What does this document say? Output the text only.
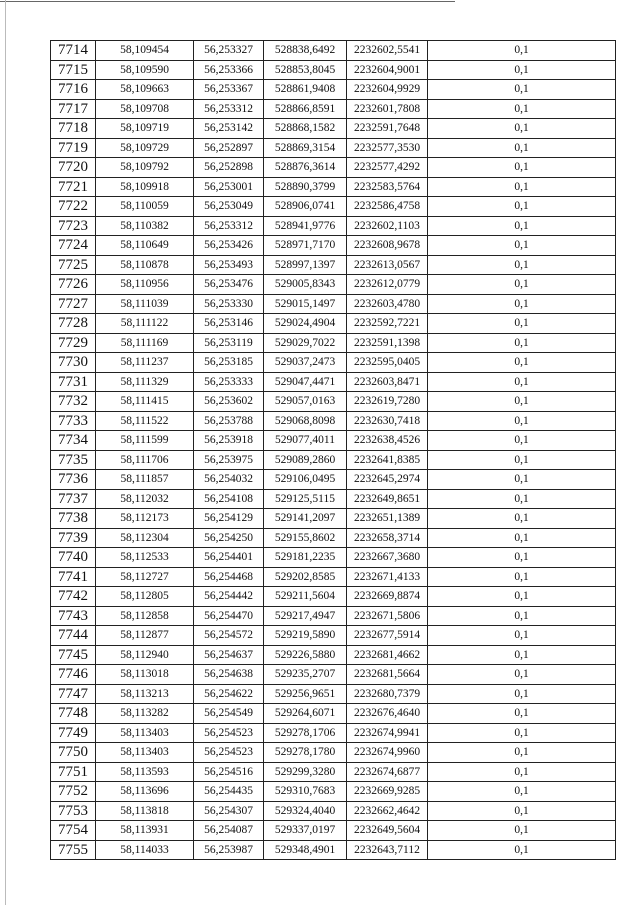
7714	58,109454	56,253327	528838,6492	2232602,5541	0,1
7715	58,109590	56,253366	528853,8045	2232604,9001	0,1
7716	58,109663	56,253367	528861,9408	2232604,9929	0,1
7717	58,109708	56,253312	528866,8591	2232601,7808	0,1
7718	58,109719	56,253142	528868,1582	2232591,7648	0,1
7719	58,109729	56,252897	528869,3154	2232577,3530	0,1
7720	58,109792	56,252898	528876,3614	2232577,4292	0,1
7721	58,109918	56,253001	528890,3799	2232583,5764	0,1
7722	58,110059	56,253049	528906,0741	2232586,4758	0,1
7723	58,110382	56,253312	528941,9776	2232602,1103	0,1
7724	58,110649	56,253426	528971,7170	2232608,9678	0,1
7725	58,110878	56,253493	528997,1397	2232613,0567	0,1
7726	58,110956	56,253476	529005,8343	2232612,0779	0,1
7727	58,111039	56,253330	529015,1497	2232603,4780	0,1
7728	58,111122	56,253146	529024,4904	2232592,7221	0,1
7729	58,111169	56,253119	529029,7022	2232591,1398	0,1
7730	58,111237	56,253185	529037,2473	2232595,0405	0,1
7731	58,111329	56,253333	529047,4471	2232603,8471	0,1
7732	58,111415	56,253602	529057,0163	2232619,7280	0,1
7733	58,111522	56,253788	529068,8098	2232630,7418	0,1
7734	58,111599	56,253918	529077,4011	2232638,4526	0,1
7735	58,111706	56,253975	529089,2860	2232641,8385	0,1
7736	58,111857	56,254032	529106,0495	2232645,2974	0,1
7737	58,112032	56,254108	529125,5115	2232649,8651	0,1
7738	58,112173	56,254129	529141,2097	2232651,1389	0,1
7739	58,112304	56,254250	529155,8602	2232658,3714	0,1
7740	58,112533	56,254401	529181,2235	2232667,3680	0,1
7741	58,112727	56,254468	529202,8585	2232671,4133	0,1
7742	58,112805	56,254442	529211,5604	2232669,8874	0,1
7743	58,112858	56,254470	529217,4947	2232671,5806	0,1
7744	58,112877	56,254572	529219,5890	2232677,5914	0,1
7745	58,112940	56,254637	529226,5880	2232681,4662	0,1
7746	58,113018	56,254638	529235,2707	2232681,5664	0,1
7747	58,113213	56,254622	529256,9651	2232680,7379	0,1
7748	58,113282	56,254549	529264,6071	2232676,4640	0,1
7749	58,113403	56,254523	529278,1706	2232674,9941	0,1
7750	58,113403	56,254523	529278,1780	2232674,9960	0,1
7751	58,113593	56,254516	529299,3280	2232674,6877	0,1
7752	58,113696	56,254435	529310,7683	2232669,9285	0,1
7753	58,113818	56,254307	529324,4040	2232662,4642	0,1
7754	58,113931	56,254087	529337,0197	2232649,5604	0,1
7755	58,114033	56,253987	529348,4901	2232643,7112	0,1
